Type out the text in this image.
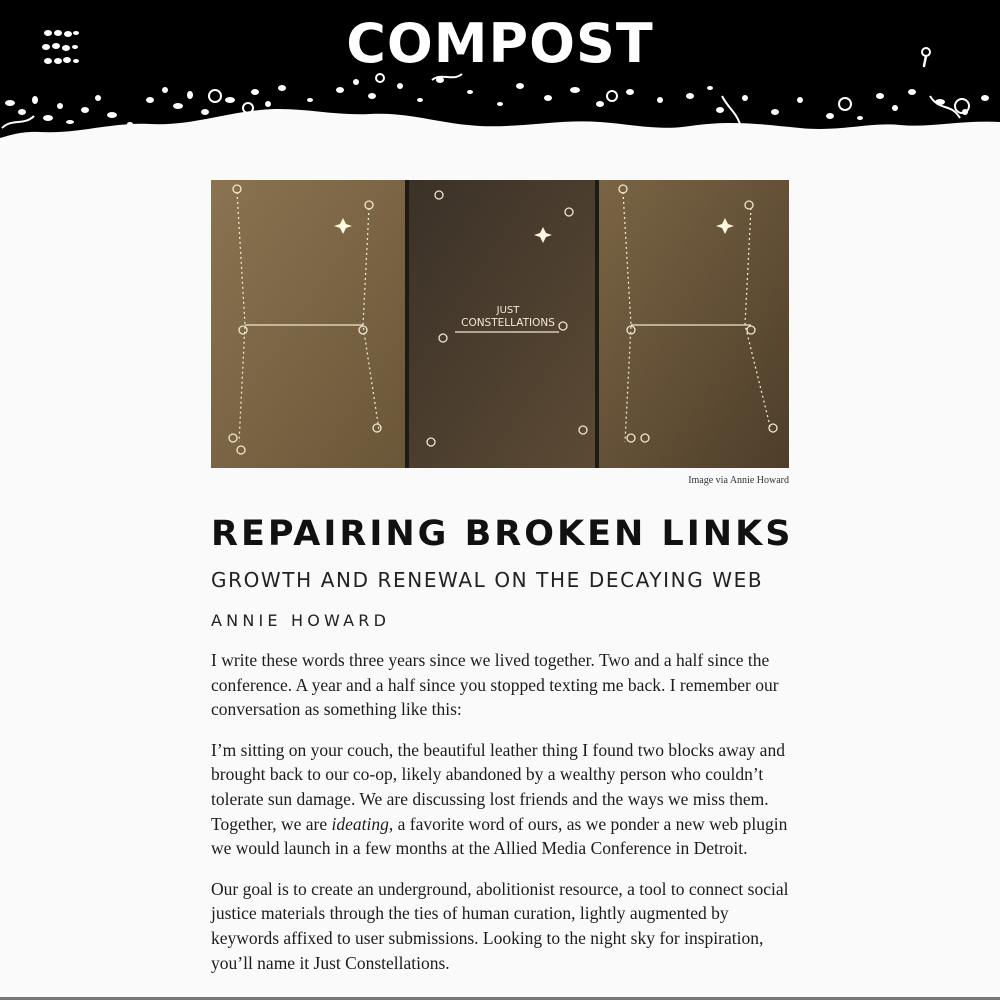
COMPOST
JUST
CONSTELLATIONS
Image via Annie Howard
REPAIRING BROKEN LINKS
GROWTH AND RENEWAL ON THE DECAYING WEB
ANNIE HOWARD

I write these words three years since we lived together. Two and a half since the conference. A year and a half since you stopped texting me back. I remember our conversation as something like this:

I’m sitting on your couch, the beautiful leather thing I found two blocks away and brought back to our co-op, likely abandoned by a wealthy person who couldn’t tolerate sun damage. We are discussing lost friends and the ways we miss them. Together, we are ideating, a favorite word of ours, as we ponder a new web plugin we would launch in a few months at the Allied Media Conference in Detroit.

Our goal is to create an underground, abolitionist resource, a tool to connect social justice materials through the ties of human curation, lightly augmented by keywords affixed to user submissions. Looking to the night sky for inspiration, you’ll name it Just Constellations.
